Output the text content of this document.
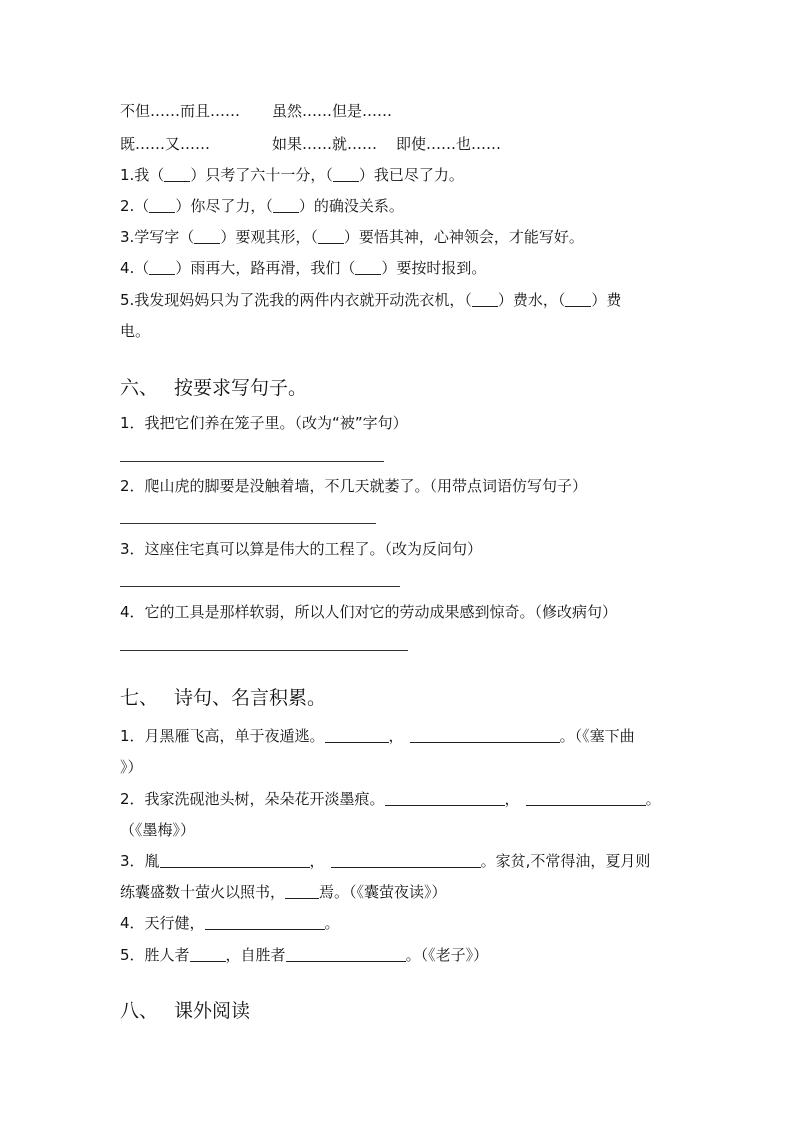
不但……而且…… 虽然……但是……
既……又……	如果……就…… 即使……也……
1.我（ ）只考了六十一分，（ ）我已尽了力。
2.（ ）你尽了力，（ ）的确没关系。
3.学写字（ ）要观其形，（ ）要悟其神，心神领会，才能写好。
4.（ ）雨再大，路再滑，我们（ ）要按时报到。
5.我发现妈妈只为了洗我的两件内衣就开动洗衣机，（ ）费水，（ ）费
电。
六、 按要求写句子。
1．我把它们养在笼子里。（改为“被”字句）
2．爬山虎的脚要是没触着墙，不几天就萎了。（用带点词语仿写句子）
3．这座住宅真可以算是伟大的工程了。（改为反问句）
4．它的工具是那样软弱，所以人们对它的劳动成果感到惊奇。（修改病句）
七、 诗句、名言积累。
1．月黑雁飞高，单于夜遁逃。	，	。（《塞下曲
》）
2．我家洗砚池头树，朵朵花开淡墨痕。	，	。
（《墨梅》）
3．胤	，	。家贫,不常得油，夏月则
练囊盛数十萤火以照书， 焉。（《囊萤夜读》）
4．天行健，	。
5．胜人者 ，自胜者	。（《老子》）
八、 课外阅读
